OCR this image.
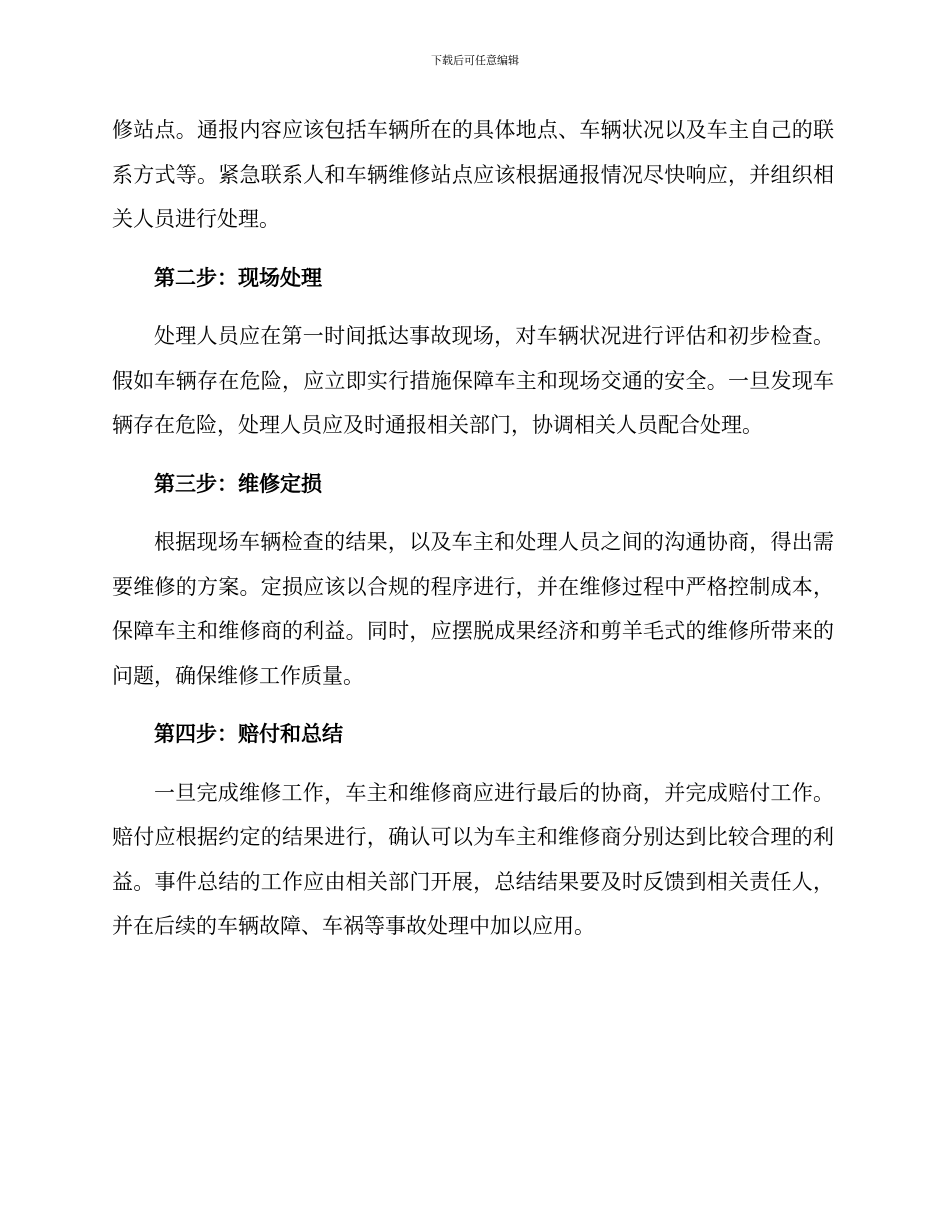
下载后可任意编辑

修站点。通报内容应该包括车辆所在的具体地点、车辆状况以及车主自己的联系方式等。紧急联系人和车辆维修站点应该根据通报情况尽快响应，并组织相关人员进行处理。

第二步：现场处理

处理人员应在第一时间抵达事故现场，对车辆状况进行评估和初步检查。假如车辆存在危险，应立即实行措施保障车主和现场交通的安全。一旦发现车辆存在危险，处理人员应及时通报相关部门，协调相关人员配合处理。

第三步：维修定损

根据现场车辆检查的结果，以及车主和处理人员之间的沟通协商，得出需要维修的方案。定损应该以合规的程序进行，并在维修过程中严格控制成本，保障车主和维修商的利益。同时，应摆脱成果经济和剪羊毛式的维修所带来的问题，确保维修工作质量。

第四步：赔付和总结

一旦完成维修工作，车主和维修商应进行最后的协商，并完成赔付工作。赔付应根据约定的结果进行，确认可以为车主和维修商分别达到比较合理的利益。事件总结的工作应由相关部门开展，总结结果要及时反馈到相关责任人，并在后续的车辆故障、车祸等事故处理中加以应用。
